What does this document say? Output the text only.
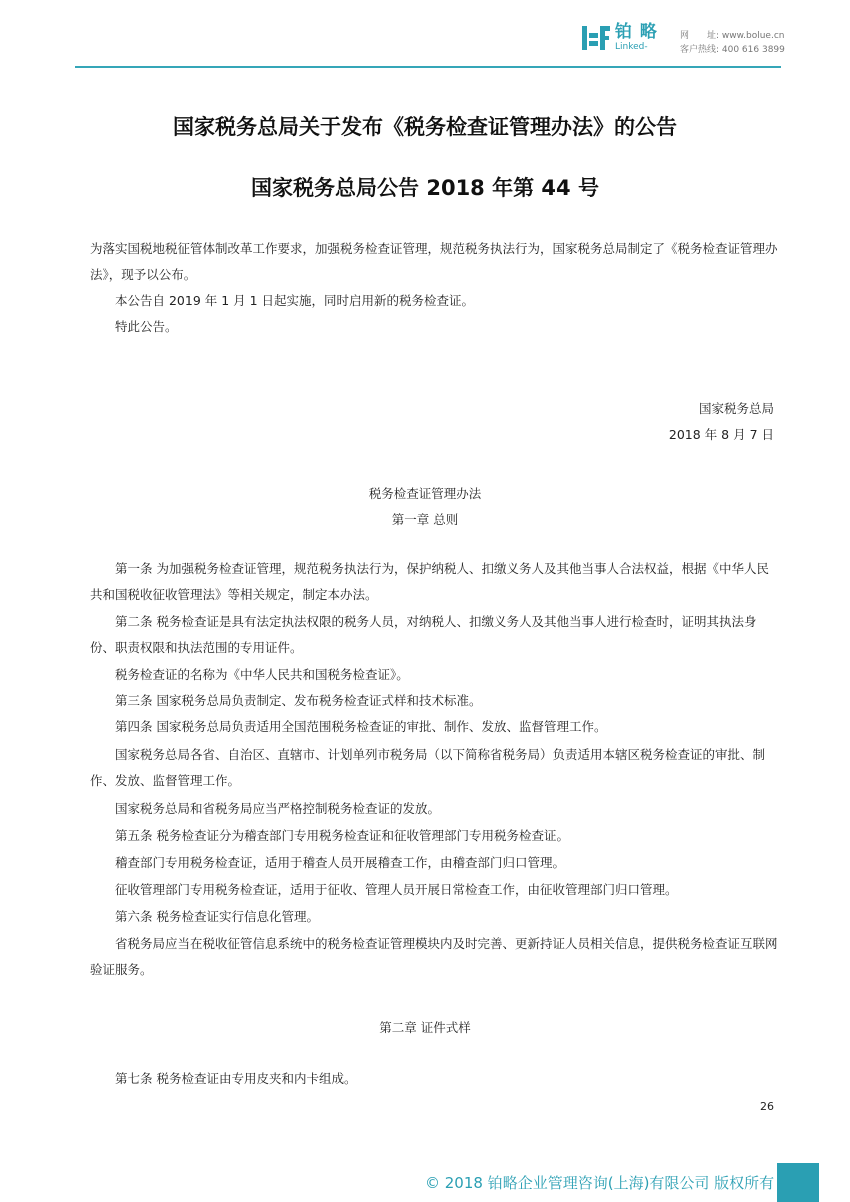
铂 略
Linked-
网　　址: www.bolue.cn
客户热线: 400 616 3899
国家税务总局关于发布《税务检查证管理办法》的公告
国家税务总局公告 2018 年第 44 号
为落实国税地税征管体制改革工作要求，加强税务检查证管理，规范税务执法行为，国家税务总局制定了《税务检查证管理办法》，现予以公布。
　　本公告自 2019 年 1 月 1 日起实施，同时启用新的税务检查证。
　　特此公告。
国家税务总局
2018 年 8 月 7 日
税务检查证管理办法
第一章 总则
　　第一条 为加强税务检查证管理，规范税务执法行为，保护纳税人、扣缴义务人及其他当事人合法权益，根据《中华人民共和国税收征收管理法》等相关规定，制定本办法。
　　第二条 税务检查证是具有法定执法权限的税务人员，对纳税人、扣缴义务人及其他当事人进行检查时，证明其执法身份、职责权限和执法范围的专用证件。
　　税务检查证的名称为《中华人民共和国税务检查证》。
　　第三条 国家税务总局负责制定、发布税务检查证式样和技术标准。
　　第四条 国家税务总局负责适用全国范围税务检查证的审批、制作、发放、监督管理工作。
　　国家税务总局各省、自治区、直辖市、计划单列市税务局（以下简称省税务局）负责适用本辖区税务检查证的审批、制作、发放、监督管理工作。
　　国家税务总局和省税务局应当严格控制税务检查证的发放。
　　第五条 税务检查证分为稽查部门专用税务检查证和征收管理部门专用税务检查证。
　　稽查部门专用税务检查证，适用于稽查人员开展稽查工作，由稽查部门归口管理。
　　征收管理部门专用税务检查证，适用于征收、管理人员开展日常检查工作，由征收管理部门归口管理。
　　第六条 税务检查证实行信息化管理。
　　省税务局应当在税收征管信息系统中的税务检查证管理模块内及时完善、更新持证人员相关信息，提供税务检查证互联网验证服务。
第二章 证件式样
　　第七条 税务检查证由专用皮夹和内卡组成。
26
© 2018 铂略企业管理咨询(上海)有限公司 版权所有
